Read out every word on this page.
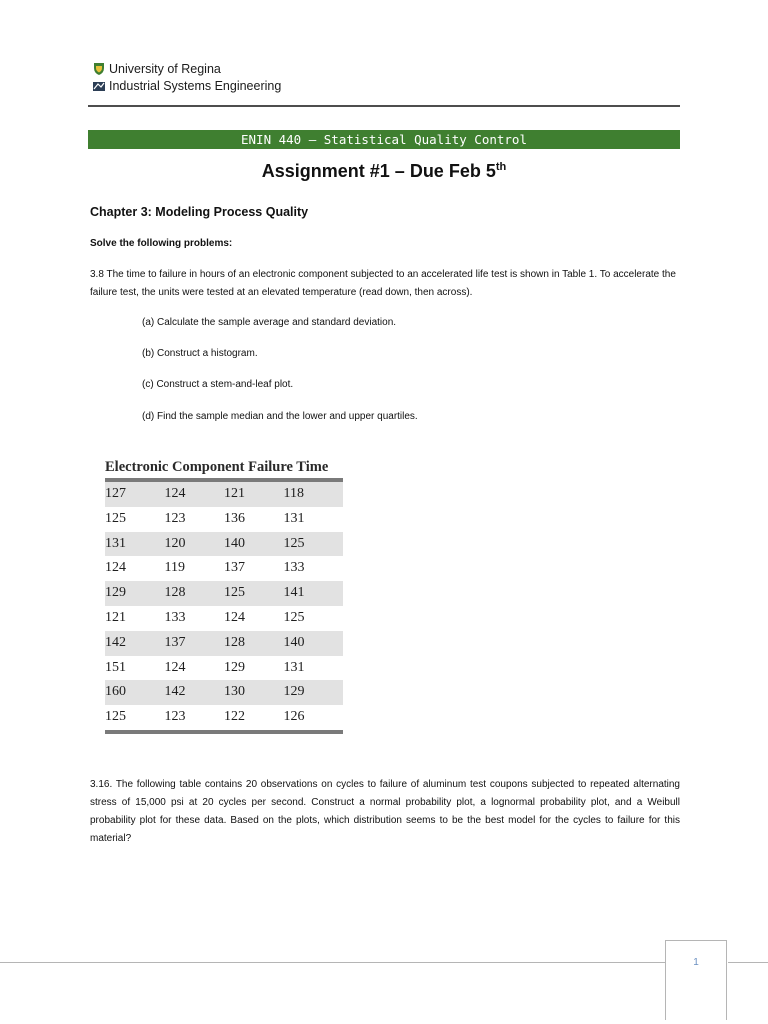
University of Regina
Industrial Systems Engineering
ENIN 440 – Statistical Quality Control
Assignment #1 – Due Feb 5th
Chapter 3: Modeling Process Quality
Solve the following problems:

3.8 The time to failure in hours of an electronic component subjected to an accelerated life test is shown in Table 1. To accelerate the failure test, the units were tested at an elevated temperature (read down, then across).

(a) Calculate the sample average and standard deviation.
(b) Construct a histogram.
(c) Construct a stem-and-leaf plot.
(d) Find the sample median and the lower and upper quartiles.
Electronic Component Failure Time
127	124	121	118
125	123	136	131
131	120	140	125
124	119	137	133
129	128	125	141
121	133	124	125
142	137	128	140
151	124	129	131
160	142	130	129
125	123	122	126

3.16. The following table contains 20 observations on cycles to failure of aluminum test coupons subjected to repeated alternating stress of 15,000 psi at 20 cycles per second. Construct a normal probability plot, a lognormal probability plot, and a Weibull probability plot for these data. Based on the plots, which distribution seems to be the best model for the cycles to failure for this material?

1
